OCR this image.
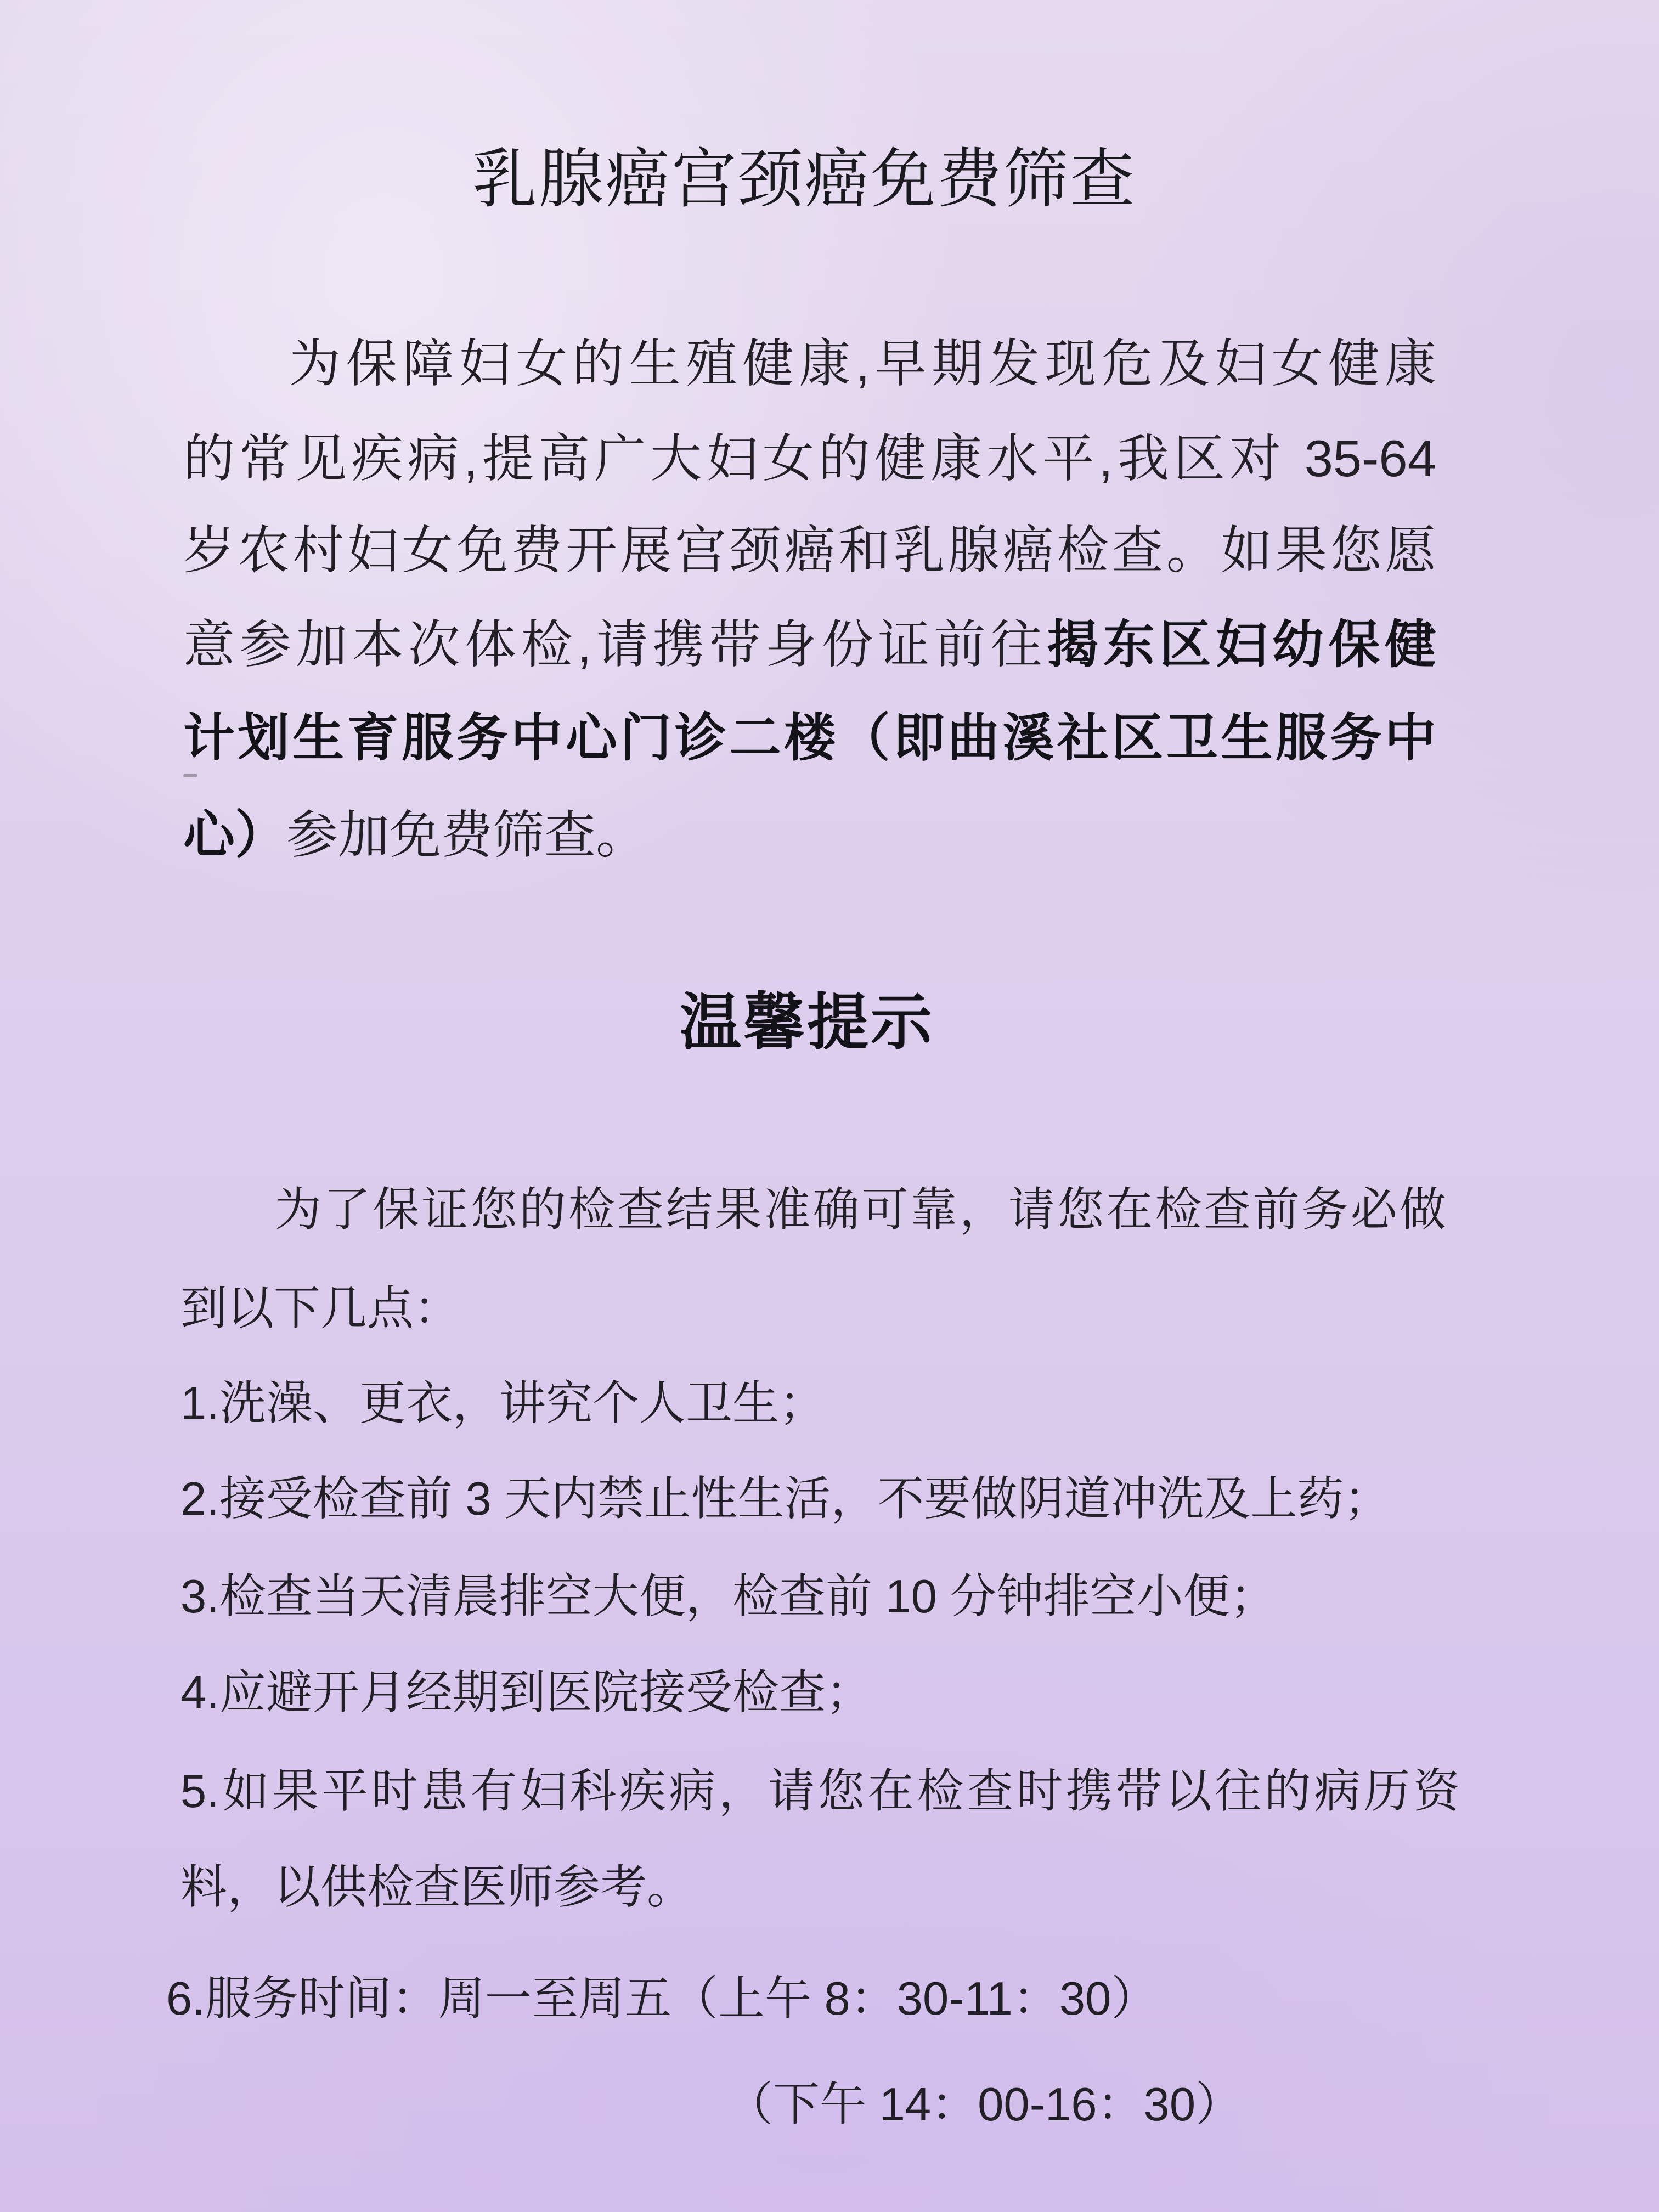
乳腺癌宫颈癌免费筛查
为保障妇女的生殖健康,早期发现危及妇女健康
的常见疾病,提高广大妇女的健康水平,我区对 35-64
岁农村妇女免费开展宫颈癌和乳腺癌检查。如果您愿
意参加本次体检,请携带身份证前往揭东区妇幼保健
计划生育服务中心门诊二楼（即曲溪社区卫生服务中
心）参加免费筛查。
温馨提示
为了保证您的检查结果准确可靠，请您在检查前务必做
到以下几点：
1.洗澡、更衣，讲究个人卫生；
2.接受检查前 3 天内禁止性生活，不要做阴道冲洗及上药；
3.检查当天清晨排空大便，检查前 10 分钟排空小便；
4.应避开月经期到医院接受检查；
5.如果平时患有妇科疾病，请您在检查时携带以往的病历资
料，以供检查医师参考。
6.服务时间：周一至周五（上午 8：30-11：30）
（下午 14：00-16：30）
